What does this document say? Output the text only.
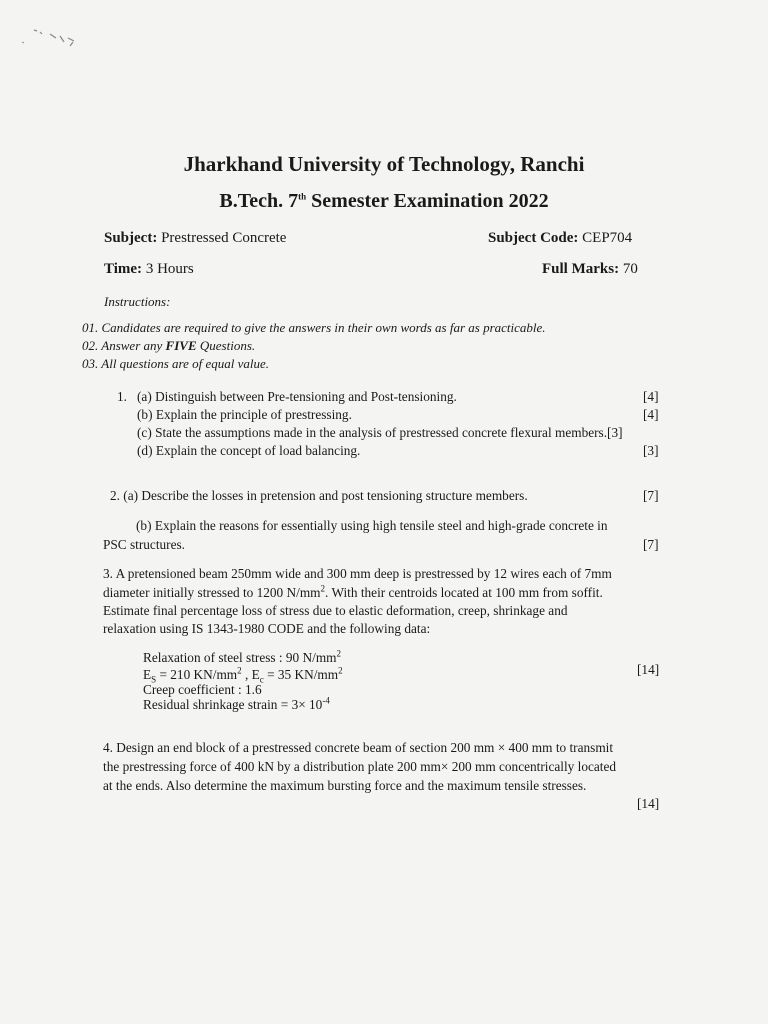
Jharkhand University of Technology, Ranchi
B.Tech. 7th Semester Examination 2022
Subject: Prestressed Concrete	Subject Code: CEP704
Time: 3 Hours	Full Marks: 70
Instructions:
01. Candidates are required to give the answers in their own words as far as practicable.
02. Answer any FIVE Questions.
03. All questions are of equal value.
1. (a) Distinguish between Pre-tensioning and Post-tensioning.	[4]
(b) Explain the principle of prestressing.	[4]
(c) State the assumptions made in the analysis of prestressed concrete flexural members.[3]
(d) Explain the concept of load balancing.	[3]
2. (a) Describe the losses in pretension and post tensioning structure members.	[7]
(b) Explain the reasons for essentially using high tensile steel and high-grade concrete in
PSC structures.	[7]
3. A pretensioned beam 250mm wide and 300 mm deep is prestressed by 12 wires each of 7mm
diameter initially stressed to 1200 $N/mm^2$. With their centroids located at 100 mm from soffit.
Estimate final percentage loss of stress due to elastic deformation, creep, shrinkage and
relaxation using IS 1343-1980 CODE and the following data:
Relaxation of steel stress : 90 $N/mm^2$
$E_S = 210$ $KN/mm^2$ , $E_c = 35$ $KN/mm^2$	[14]
Creep coefficient : 1.6
Residual shrinkage strain = $3\times 10^{-4}$
4. Design an end block of a prestressed concrete beam of section 200 mm × 400 mm to transmit
the prestressing force of 400 kN by a distribution plate 200 mm× 200 mm concentrically located
at the ends. Also determine the maximum bursting force and the maximum tensile stresses.
[14]
